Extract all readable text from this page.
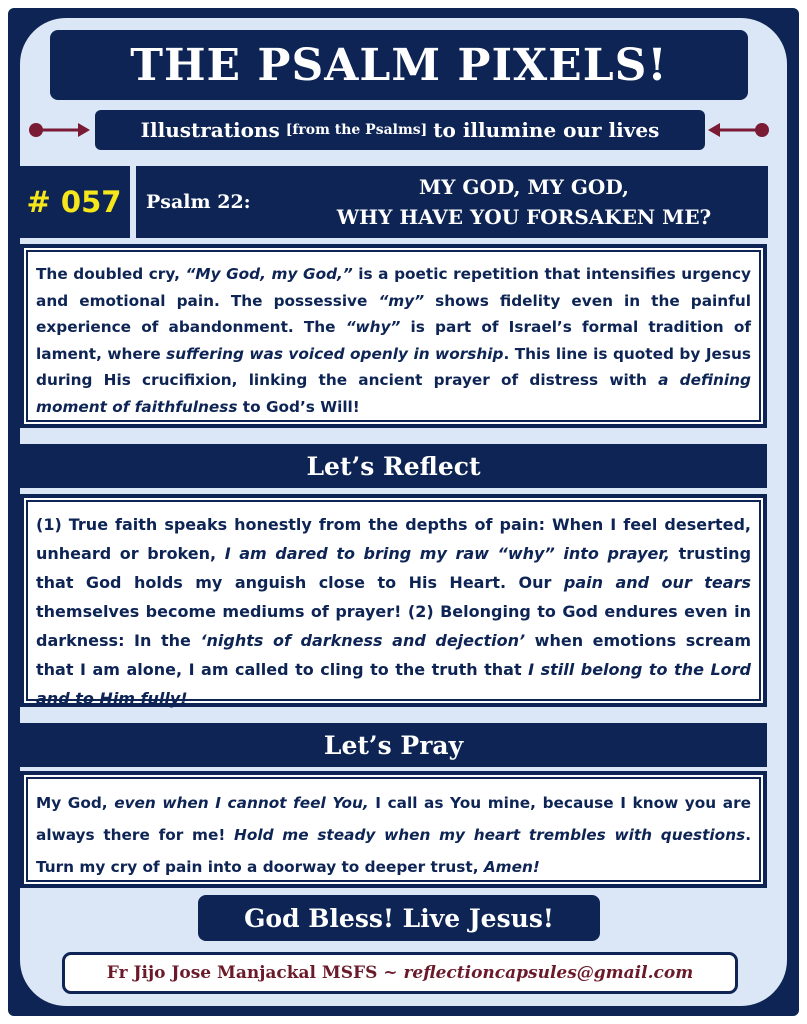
THE PSALM PIXELS!
Illustrations [from the Psalms] to illumine our lives
# 057 Psalm 22:
MY GOD, MY GOD,
WHY HAVE YOU FORSAKEN ME?

The doubled cry, “My God, my God,” is a poetic repetition that intensifies urgency and emotional pain. The possessive “my” shows fidelity even in the painful experience of abandonment. The “why” is part of Israel’s formal tradition of lament, where suffering was voiced openly in worship. This line is quoted by Jesus during His crucifixion, linking the ancient prayer of distress with a defining moment of faithfulness to God’s Will!

Let’s Reflect

(1) True faith speaks honestly from the depths of pain: When I feel deserted, unheard or broken, I am dared to bring my raw “why” into prayer, trusting that God holds my anguish close to His Heart. Our pain and our tears themselves become mediums of prayer! (2) Belonging to God endures even in darkness: In the ‘nights of darkness and dejection’ when emotions scream that I am alone, I am called to cling to the truth that I still belong to the Lord and to Him fully!

Let’s Pray

My God, even when I cannot feel You, I call as You mine, because I know you are always there for me! Hold me steady when my heart trembles with questions. Turn my cry of pain into a doorway to deeper trust, Amen!

God Bless! Live Jesus!
Fr Jijo Jose Manjackal MSFS ~
reflectioncapsules@gmail.com
